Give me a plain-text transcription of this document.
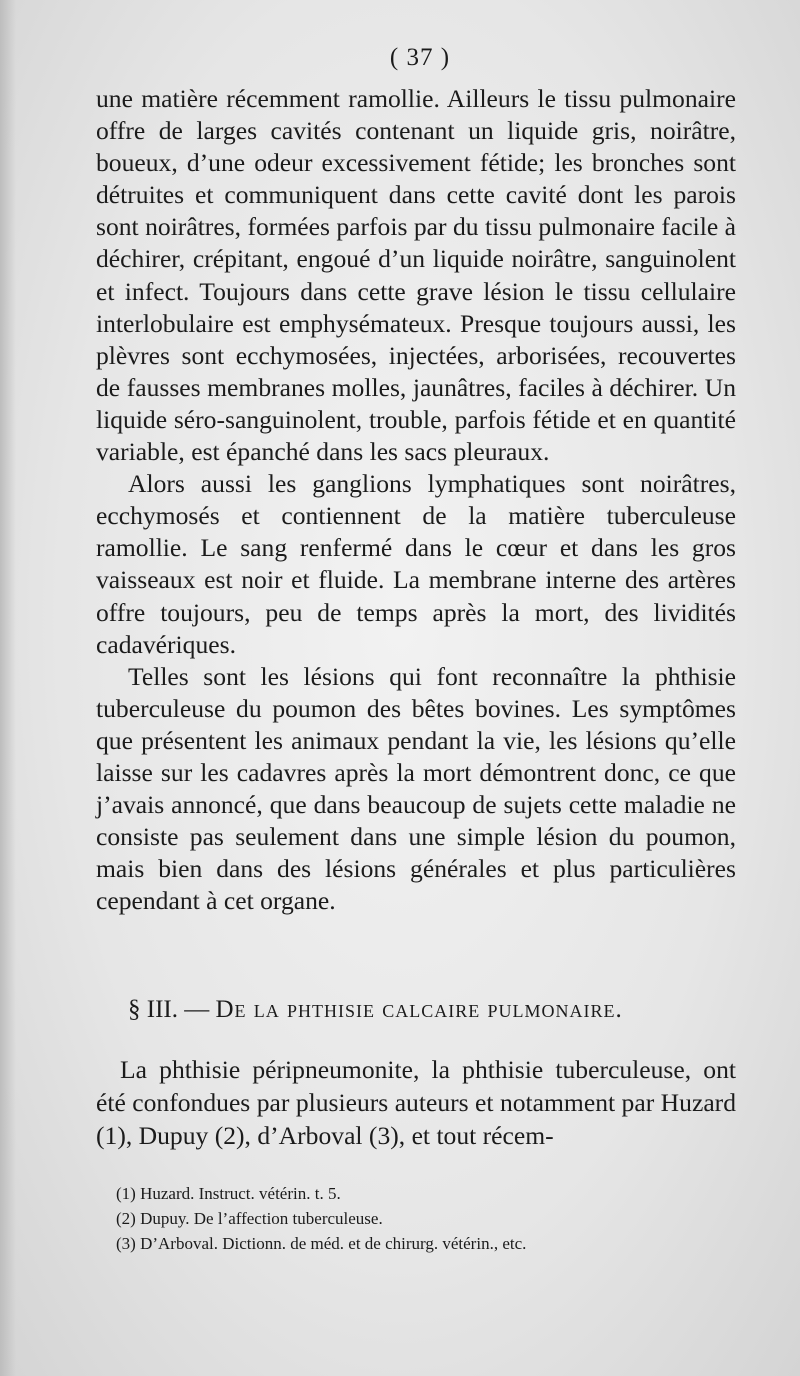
( 37 )

une matière récemment ramollie. Ailleurs le tissu pulmonaire offre de larges cavités contenant un liquide gris, noirâtre, boueux, d’une odeur excessivement fétide; les bronches sont détruites et communiquent dans cette cavité dont les parois sont noirâtres, formées parfois par du tissu pulmonaire facile à déchirer, crépitant, engoué d’un liquide noirâtre, sanguinolent et infect. Toujours dans cette grave lésion le tissu cellulaire interlobulaire est emphysémateux. Presque toujours aussi, les plèvres sont ecchymosées, injectées, arborisées, recouvertes de fausses membranes molles, jaunâtres, faciles à déchirer. Un liquide séro-sanguinolent, trouble, parfois fétide et en quantité variable, est épanché dans les sacs pleuraux.

Alors aussi les ganglions lymphatiques sont noirâtres, ecchymosés et contiennent de la matière tuberculeuse ramollie. Le sang renfermé dans le cœur et dans les gros vaisseaux est noir et fluide. La membrane interne des artères offre toujours, peu de temps après la mort, des lividités cadavériques.

Telles sont les lésions qui font reconnaître la phthisie tuberculeuse du poumon des bêtes bovines. Les symptômes que présentent les animaux pendant la vie, les lésions qu’elle laisse sur les cadavres après la mort démontrent donc, ce que j’avais annoncé, que dans beaucoup de sujets cette maladie ne consiste pas seulement dans une simple lésion du poumon, mais bien dans des lésions générales et plus particulières cependant à cet organe.

§ III. — De la phthisie calcaire pulmonaire.

La phthisie péripneumonite, la phthisie tuberculeuse, ont été confondues par plusieurs auteurs et notamment par Huzard (1), Dupuy (2), d’Arboval (3), et tout récem-

(1) Huzard. Instruct. vétérin. t. 5.
(2) Dupuy. De l’affection tuberculeuse.
(3) D’Arboval. Dictionn. de méd. et de chirurg. vétérin., etc.
